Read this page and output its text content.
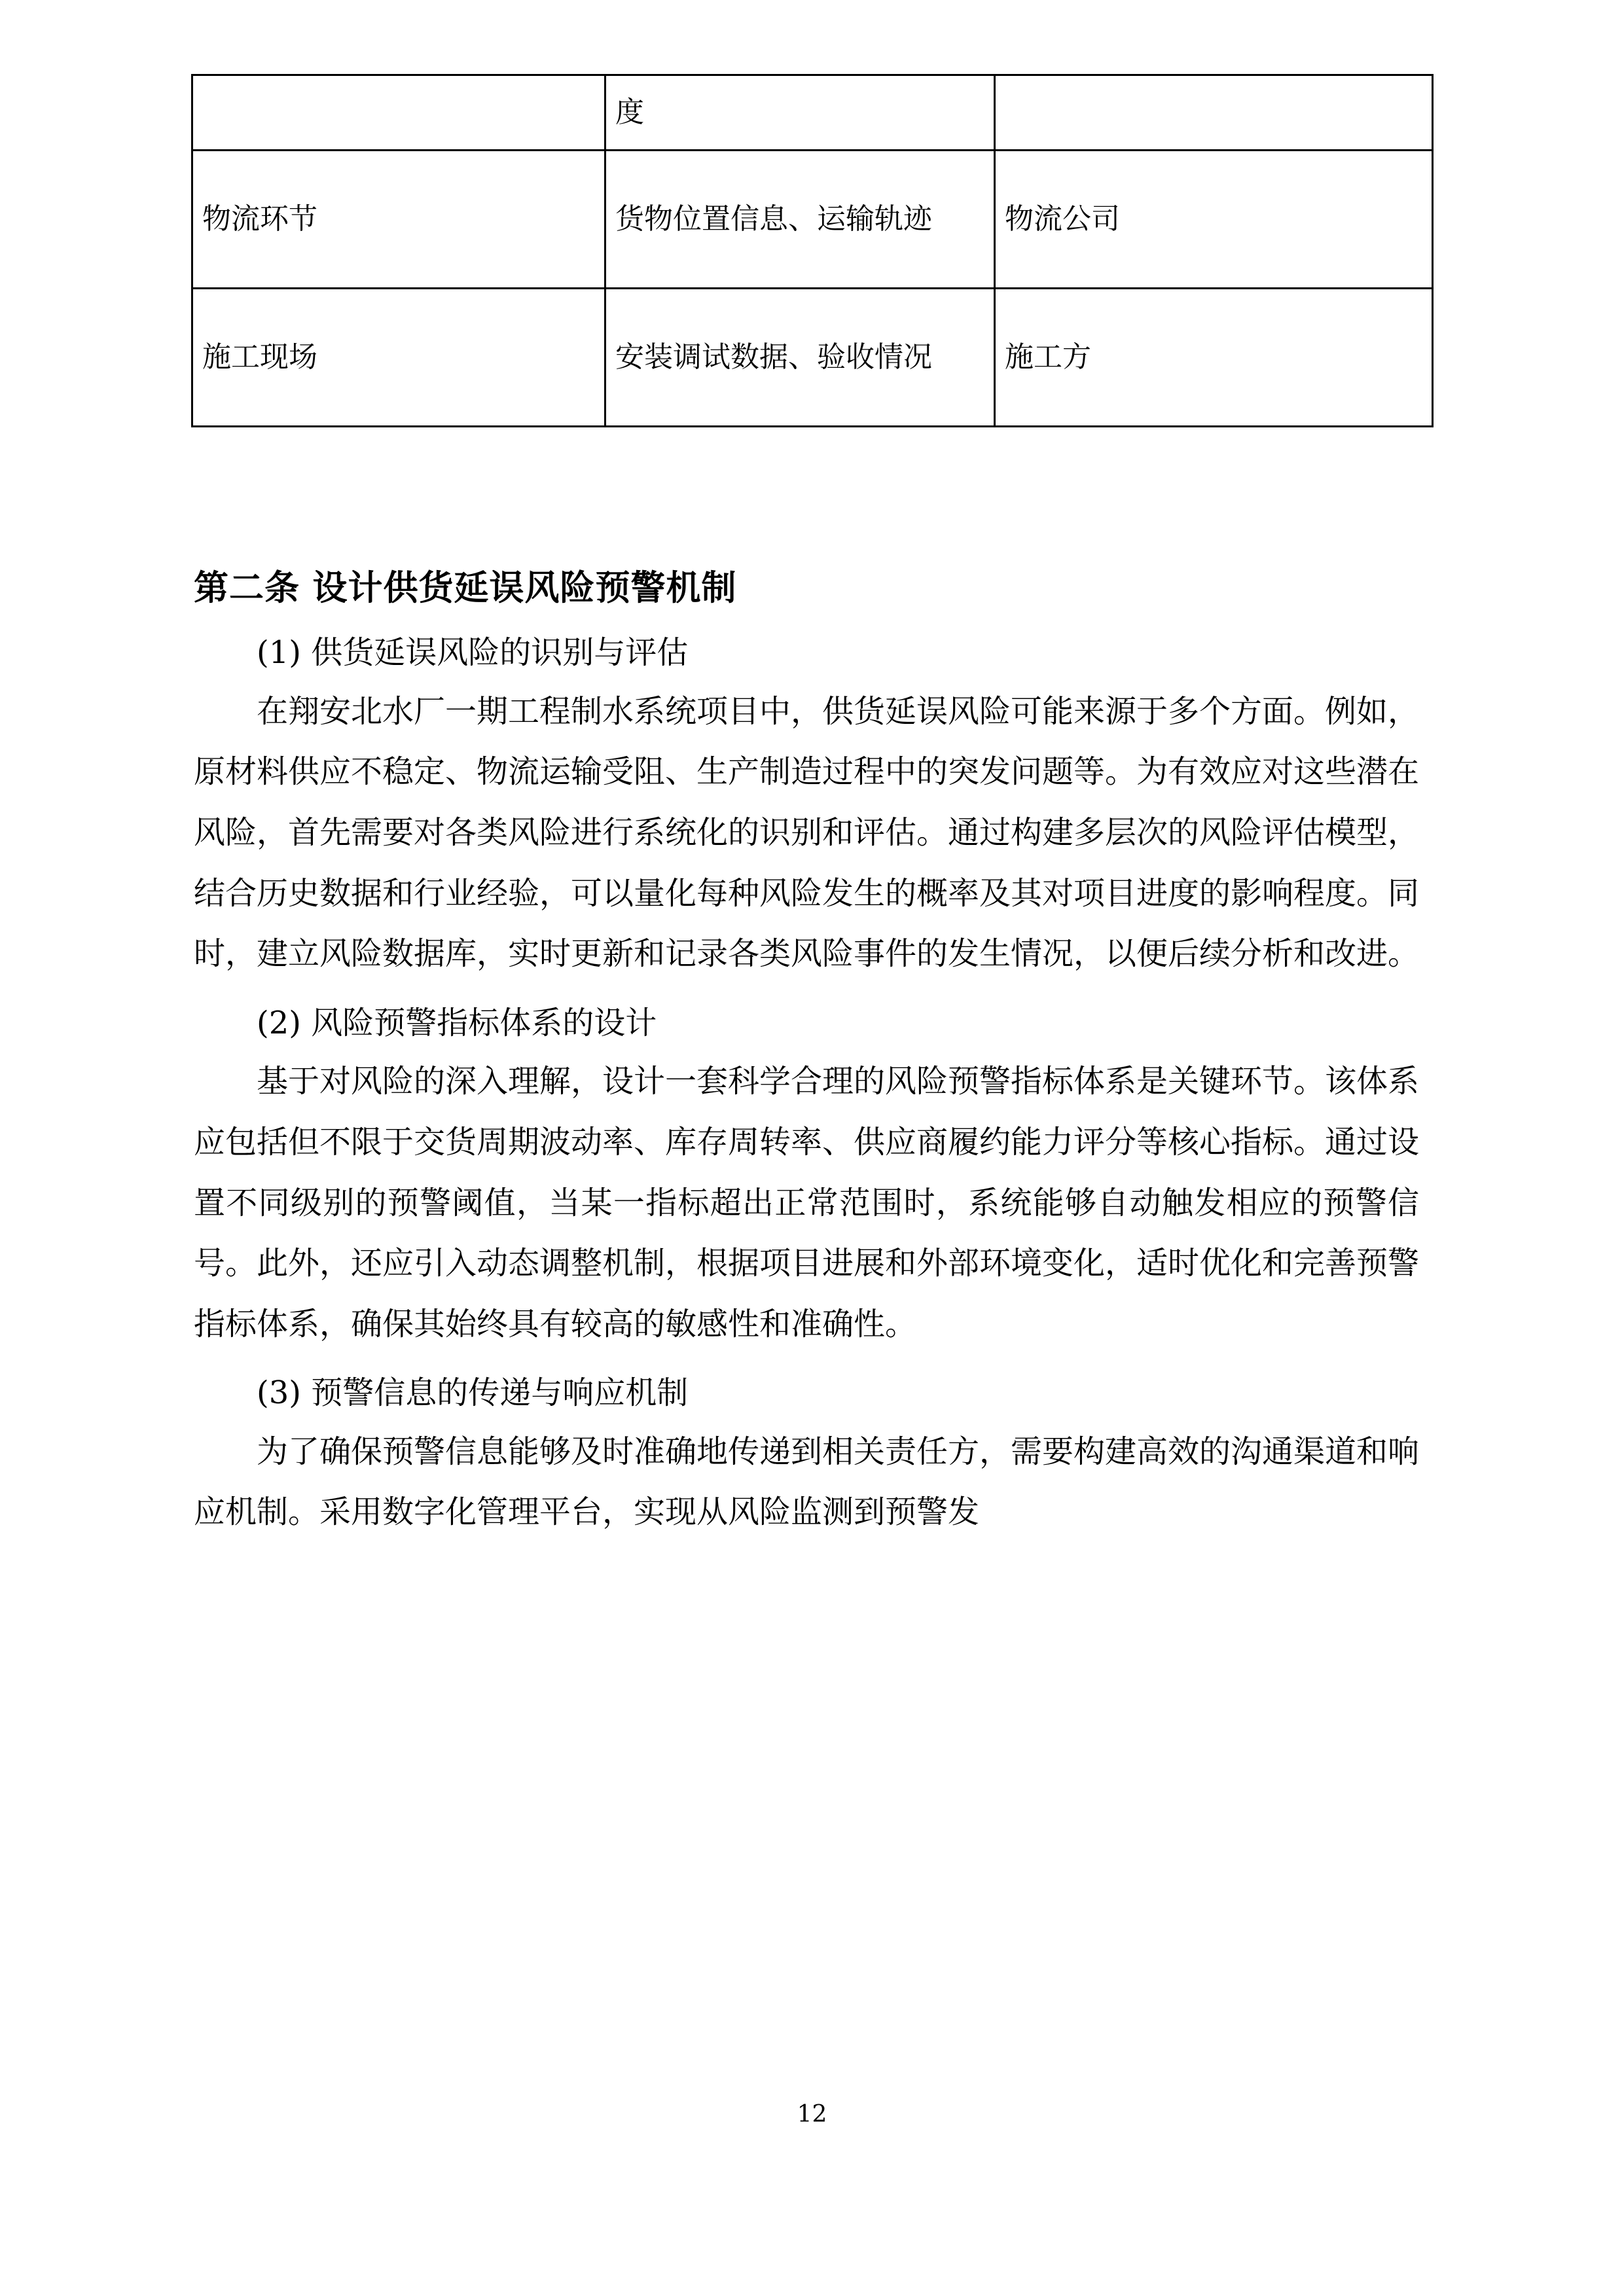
	度	
物流环节	货物位置信息、运输轨迹	物流公司
施工现场	安装调试数据、验收情况	施工方
第二条 设计供货延误风险预警机制
(1) 供货延误风险的识别与评估

在翔安北水厂一期工程制水系统项目中，供货延误风险可能来源于多个方面。例如，原材料供应不稳定、物流运输受阻、生产制造过程中的突发问题等。为有效应对这些潜在风险，首先需要对各类风险进行系统化的识别和评估。通过构建多层次的风险评估模型，结合历史数据和行业经验，可以量化每种风险发生的概率及其对项目进度的影响程度。同时，建立风险数据库，实时更新和记录各类风险事件的发生情况，以便后续分析和改进。

(2) 风险预警指标体系的设计

基于对风险的深入理解，设计一套科学合理的风险预警指标体系是关键环节。该体系应包括但不限于交货周期波动率、库存周转率、供应商履约能力评分等核心指标。通过设置不同级别的预警阈值，当某一指标超出正常范围时，系统能够自动触发相应的预警信号。此外，还应引入动态调整机制，根据项目进展和外部环境变化，适时优化和完善预警指标体系，确保其始终具有较高的敏感性和准确性。

(3) 预警信息的传递与响应机制

为了确保预警信息能够及时准确地传递到相关责任方，需要构建高效的沟通渠道和响应机制。采用数字化管理平台，实现从风险监测到预警发

12
